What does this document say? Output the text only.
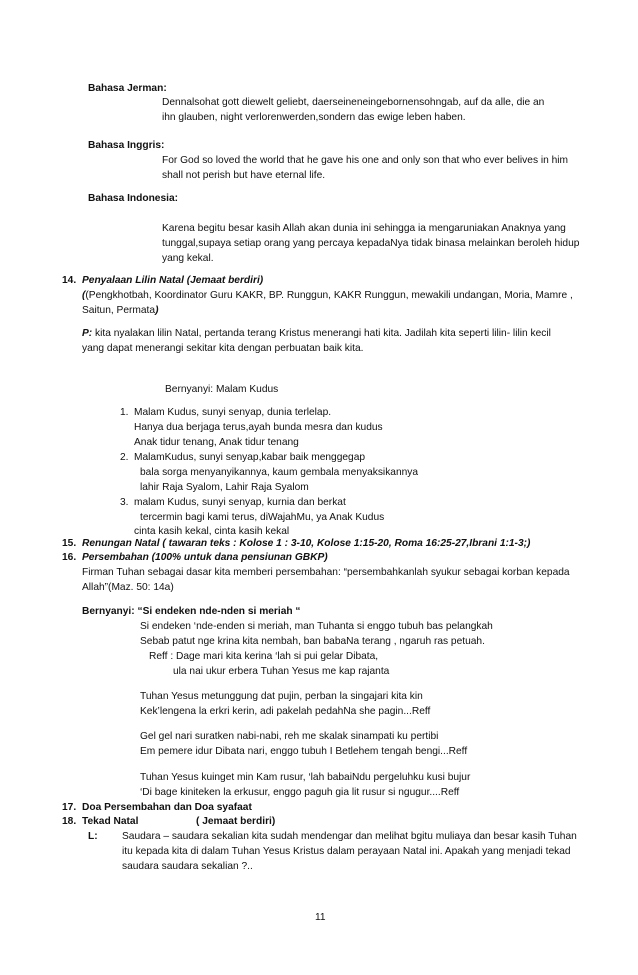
Bahasa Jerman:
Dennalsohat gott diewelt geliebt, daerseineneingebornensohngab, auf da alle, die an
ihn glauben, night verlorenwerden,sondern das ewige leben haben.
Bahasa Inggris:
For God so loved the world that he gave his one and only son that who ever belives in him
shall not perish but have eternal life.
Bahasa Indonesia:
Karena begitu besar kasih Allah akan dunia ini sehingga ia mengaruniakan Anaknya yang
tunggal,supaya setiap orang yang percaya kepadaNya tidak binasa melainkan beroleh hidup
yang kekal.
14. Penyalaan Lilin Natal (Jemaat berdiri)
((Pengkhotbah, Koordinator Guru KAKR, BP. Runggun, KAKR Runggun, mewakili undangan, Moria, Mamre ,
Saitun, Permata)
P: kita nyalakan lilin Natal, pertanda terang Kristus menerangi hati kita. Jadilah kita seperti lilin- lilin kecil
yang dapat menerangi sekitar kita dengan perbuatan baik kita.
Bernyanyi: Malam Kudus
1. Malam Kudus, sunyi senyap, dunia terlelap.
Hanya dua berjaga terus,ayah bunda mesra dan kudus
Anak tidur tenang, Anak tidur tenang
2. MalamKudus, sunyi senyap,kabar baik menggegap
bala sorga menyanyikannya, kaum gembala menyaksikannya
lahir Raja Syalom, Lahir Raja Syalom
3. malam Kudus, sunyi senyap, kurnia dan berkat
tercermin bagi kami terus, diWajahMu, ya Anak Kudus
cinta kasih kekal, cinta kasih kekal
15. Renungan Natal ( tawaran teks : Kolose 1 : 3-10, Kolose 1:15-20, Roma 16:25-27,Ibrani 1:1-3;)
16. Persembahan (100% untuk dana pensiunan GBKP)
Firman Tuhan sebagai dasar kita memberi persembahan: “persembahkanlah syukur sebagai korban kepada
Allah”(Maz. 50: 14a)
Bernyanyi: “Si endeken nde-nden si meriah “
Si endeken ‘nde-enden si meriah, man Tuhanta si enggo tubuh bas pelangkah
Sebab patut nge krina kita nembah, ban babaNa terang , ngaruh ras petuah.
Reff : Dage mari kita kerina ‘lah si pui gelar Dibata,
ula nai ukur erbera Tuhan Yesus me kap rajanta
Tuhan Yesus metunggung dat pujin, perban la singajari kita kin
Kek’lengena la erkri kerin, adi pakelah pedahNa she pagin...Reff
Gel gel nari suratken nabi-nabi, reh me skalak sinampati ku pertibi
Em pemere idur Dibata nari, enggo tubuh I Betlehem tengah bengi...Reff
Tuhan Yesus kuinget min Kam rusur, ‘lah babaiNdu pergeluhku kusi bujur
‘Di bage kiniteken la erkusur, enggo paguh gia lit rusur si ngugur....Reff
17. Doa Persembahan dan Doa syafaat
18. Tekad Natal	( Jemaat berdiri)
L: Saudara – saudara sekalian kita sudah mendengar dan melihat bgitu muliaya dan besar kasih Tuhan
itu kepada kita di dalam Tuhan Yesus Kristus dalam perayaan Natal ini. Apakah yang menjadi tekad
saudara saudara sekalian ?..
11
